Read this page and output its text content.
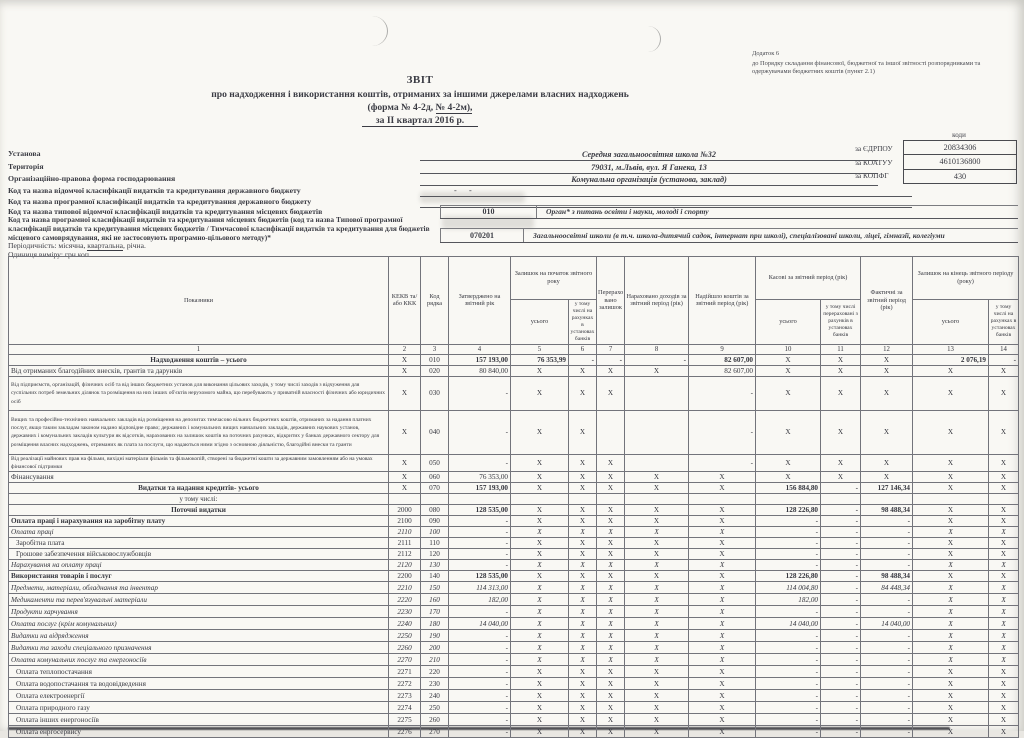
Додаток 6
до Порядку складання фінансової, бюджетної та іншої звітності розпорядниками та одержувачами бюджетних коштів (пункт 2.1)
ЗВІТ
про надходження і використання коштів, отриманих за іншими джерелами власних надходжень
(форма № 4-2д, № 4-2м),
за II квартал 2016 р.
коди
за ЄДРПОУ
за КОАТУУ
за КОПФГ
20834306
4610136800
430
Установа	Середня загальноосвітня школа №32
Територія	79031, м.Львів, вул. Я Ганека, 13
Організаційно-правова форма господарювання	Комунальна організація (установа, заклад)
Код та назва відомчої класифікації видатків та кредитування державного бюджету	-      -
Код та назва програмної класифікації видатків та кредитування державного бюджету
Код та назва типової відомчої класифікації видатків та кредитування місцевих бюджетів	010	Орган* з питань освіти і науки, молоді і спорту
Код та назва програмної класифікації видатків та кредитування місцевих бюджетів (код та назва Типової програмної класифікації видатків та кредитування місцевих бюджетів / Тимчасової класифікації видатків та кредитування для бюджетів місцевого самоврядування, які не застосовують програмно-цільового методу)*	070201	Загальноосвітні школи (в т.ч. школа-дитячий садок, інтернат при школі), спеціалізовані школи, ліцеї, гімназії, колегіуми
Періодичність: місячна, квартальна, річна.
Одиниця виміру: грн коп.
Показники	КЕКВ та/або ККК	Код рядка	Затверджено на звітний рік	Залишок на початок звітного року		Перерахо вано залишок	Нараховано доходів за звітний період (рік)	Надійшло коштів за звітний період (рік)	Касові за звітний період (рік)		Фактичні за звітний період (рік)	Залишок на кінець звітного періоду (року)	
				усього	у тому числі на рахунках в установах банків				усього	у тому числі перераховані з рахунків в установах банків		усього	у тому числі на рахунках в установах банків
1	2	3	4	5	6	7	8	9	10	11	12	13	14
Надходження коштів – усього	X	010	157 193,00	76 353,99	-	-	-	82 607,00	X	X	X	2 076,19	-
Від отриманих благодійних внесків, грантів та дарунків	X	020	80 840,00	X	X	X	X	82 607,00	X	X	X	X	X
Від підприємств, організацій, фізичних осіб та від інших бюджетних установ для виконання цільових заходів, у тому числі заходів з відчуження для суспільних потреб земельних ділянок та розміщення на них інших об'єктів нерухомого майна, що перебувають у приватній власності фізичних або юридичних осіб	X	030	-	X	X	X		-	X	X	X	X	X
Вищих та професійно-технічних навчальних закладів від розміщення на депозитах тимчасово вільних бюджетних коштів, отриманих за надання платних послуг, якщо таким закладам законом надано відповідне право; державних і комунальних вищих навчальних закладів, державних наукових установ, державних і комунальних закладів культури як відсотків, нарахованих на залишок коштів на поточних рахунках, відкритих у банках державного сектору для розміщення власних надходжень, отриманих як плата за послуги, що надаються ними згідно з основною діяльністю, благодійні внески та гранти	X	040	-	X	X			-	X	X	X	X	X
Від реалізації майнових прав на фільми, вихідні матеріали фільмів та фільмокопій, створені за бюджетні кошти за державним замовленням або на умовах фінансової підтримки	X	050	-	X	X	X		-	X	X	X	X	X
Фінансування	X	060	76 353,00	X	X	X	X	X	X	X	X	X	X
Видатки та надання кредитів- усього	X	070	157 193,00	X	X	X	X	X	156 884,80	-	127 146,34	X	X
у тому числі:													
Поточні видатки	2000	080	128 535,00	X	X	X	X	X	128 226,80	-	98 488,34	X	X
Оплата праці і нарахування на заробітну плату	2100	090	-	X	X	X	X	X	-	-	-	X	X
Оплата праці	2110	100	-	X	X	X	X	X	-	-	-	X	X
Заробітна плата	2111	110	-	X	X	X	X	X	-	-	-	X	X
Грошове забезпечення військовослужбовців	2112	120	-	X	X	X	X	X	-	-	-	X	X
Нарахування на оплату праці	2120	130	-	X	X	X	X	X	-	-	-	X	X
Використання товарів і послуг	2200	140	128 535,00	X	X	X	X	X	128 226,80	-	98 488,34	X	X
Предмети, матеріали, обладнання та інвентар	2210	150	114 313,00	X	X	X	X	X	114 004,80	-	84 448,34	X	X
Медикаменти та перев'язувальні матеріали	2220	160	182,00	X	X	X	X	X	182,00	-	-	X	X
Продукти харчування	2230	170	-	X	X	X	X	X	-	-	-	X	X
Оплата послуг (крім комунальних)	2240	180	14 040,00	X	X	X	X	X	14 040,00	-	14 040,00	X	X
Видатки на відрядження	2250	190	-	X	X	X	X	X	-	-	-	X	X
Видатки та заходи спеціального призначення	2260	200	-	X	X	X	X	X	-	-	-	X	X
Оплата комунальних послуг та енергоносіїв	2270	210	-	X	X	X	X	X	-	-	-	X	X
Оплата теплопостачання	2271	220	-	X	X	X	X	X	-	-	-	X	X
Оплата водопостачання та водовідведення	2272	230	-	X	X	X	X	X	-	-	-	X	X
Оплата електроенергії	2273	240	-	X	X	X	X	X	-	-	-	X	X
Оплата природного газу	2274	250	-	X	X	X	X	X	-	-	-	X	X
Оплата інших енергоносіїв	2275	260	-	X	X	X	X	X	-	-	-	X	X
Оплата енргосервису	2276	270	-	X	X	X	X	X	-	-	-	X	X
